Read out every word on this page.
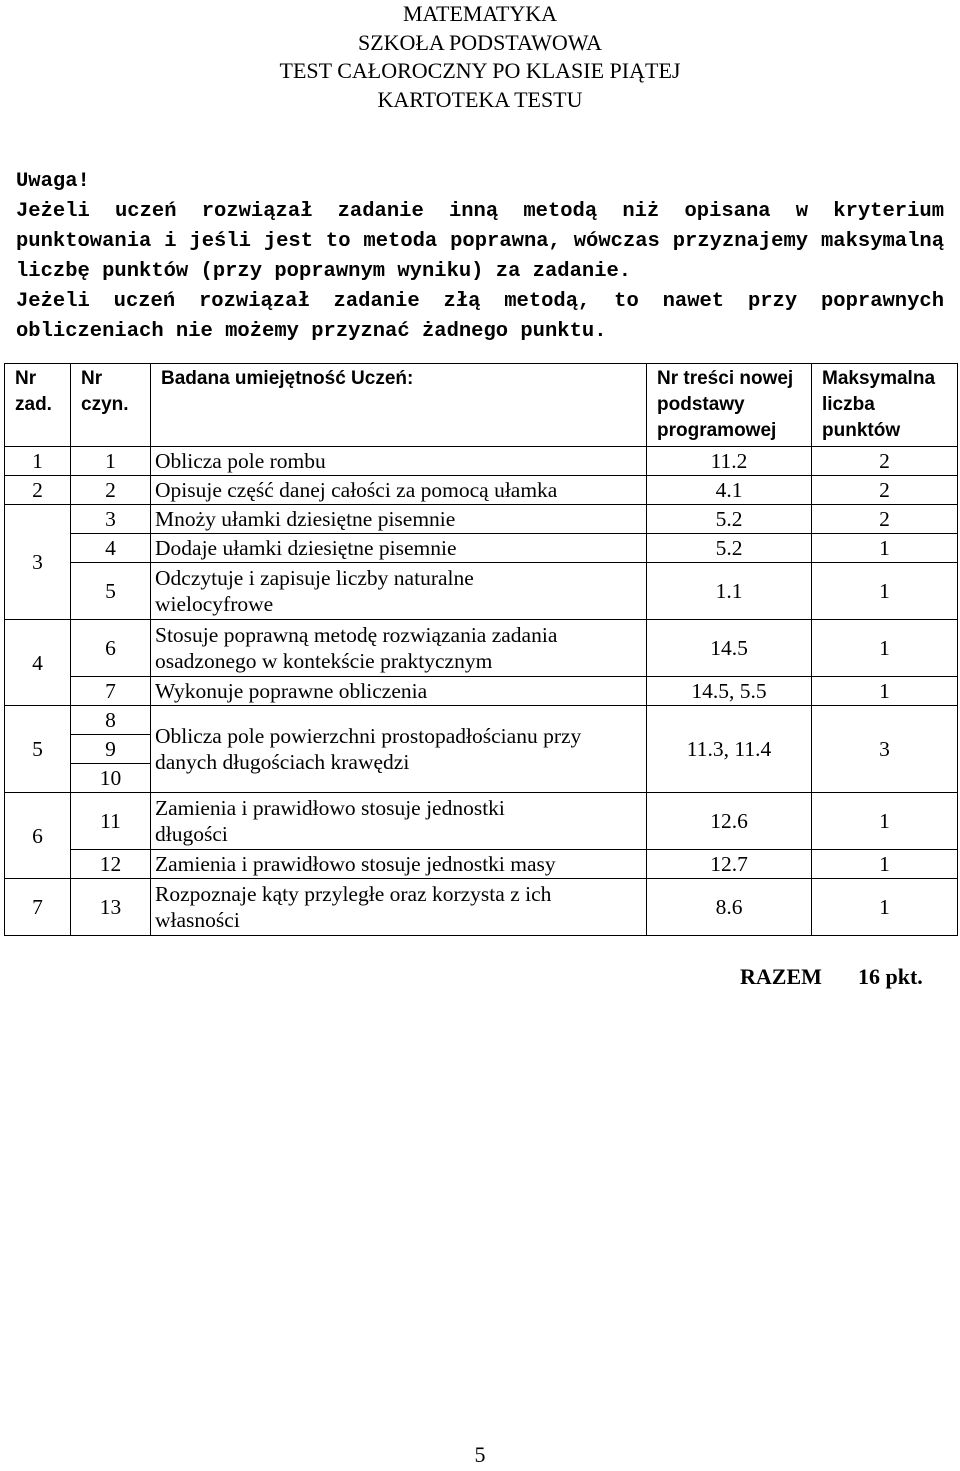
MATEMATYKA
SZKOŁA PODSTAWOWA
TEST CAŁOROCZNY PO KLASIE PIĄTEJ
KARTOTEKA TESTU

Uwaga!

Jeżeli uczeń rozwiązał zadanie inną metodą niż opisana w kryterium punktowania i jeśli jest to metoda poprawna, wówczas przyznajemy maksymalną liczbę punktów (przy poprawnym wyniku) za zadanie.

Jeżeli uczeń rozwiązał zadanie złą metodą, to nawet przy poprawnych obliczeniach nie możemy przyznać żadnego punktu.

Nr zad.	Nr czyn.	Badana umiejętność Uczeń:	Nr treści nowej podstawy programowej	Maksymalna liczba punktów
1	1	Oblicza pole rombu	11.2	2
2	2	Opisuje część danej całości za pomocą ułamka	4.1	2
3	3	Mnoży ułamki dziesiętne pisemnie	5.2	2
	4	Dodaje ułamki dziesiętne pisemnie	5.2	1
	5	Odczytuje i zapisuje liczby naturalne wielocyfrowe	1.1	1
4	6	Stosuje poprawną metodę rozwiązania zadania osadzonego w kontekście praktycznym	14.5	1
	7	Wykonuje poprawne obliczenia	14.5, 5.5	1
5	8	Oblicza pole powierzchni prostopadłościanu przy danych długościach krawędzi	11.3, 11.4	3
	9			
	10			
6	11	Zamienia i prawidłowo stosuje jednostki długości	12.6	1
	12	Zamienia i prawidłowo stosuje jednostki masy	12.7	1
7	13	Rozpoznaje kąty przyległe oraz korzysta z ich własności	8.6	1
RAZEM 16 pkt.
5
